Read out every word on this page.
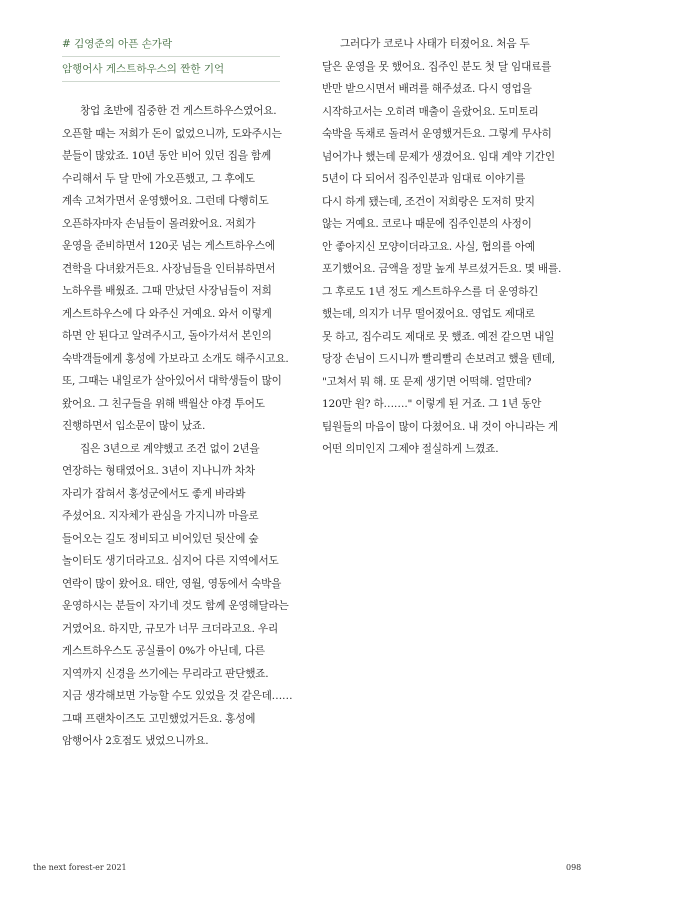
# 김영준의 아픈 손가락
암행어사 게스트하우스의 짠한 기억

창업 초반에 집중한 건 게스트하우스였어요.
오픈할 때는 저희가 돈이 없었으니까, 도와주시는
분들이 많았죠. 10년 동안 비어 있던 집을 함께
수리해서 두 달 만에 가오픈했고, 그 후에도
계속 고쳐가면서 운영했어요. 그런데 다행히도
오픈하자마자 손님들이 몰려왔어요. 저희가
운영을 준비하면서 120곳 넘는 게스트하우스에
견학을 다녀왔거든요. 사장님들을 인터뷰하면서
노하우를 배웠죠. 그때 만났던 사장님들이 저희
게스트하우스에 다 와주신 거예요. 와서 이렇게
하면 안 된다고 알려주시고, 돌아가셔서 본인의
숙박객들에게 홍성에 가보라고 소개도 해주시고요.
또, 그때는 내일로가 살아있어서 대학생들이 많이
왔어요. 그 친구들을 위해 백월산 야경 투어도
진행하면서 입소문이 많이 났죠.

집은 3년으로 계약했고 조건 없이 2년을
연장하는 형태였어요. 3년이 지나니까 차차
자리가 잡혀서 홍성군에서도 좋게 바라봐
주셨어요. 지자체가 관심을 가지니까 마을로
들어오는 길도 정비되고 비어있던 뒷산에 숲
놀이터도 생기더라고요. 심지어 다른 지역에서도
연락이 많이 왔어요. 태안, 영월, 영동에서 숙박을
운영하시는 분들이 자기네 것도 함께 운영해달라는
거였어요. 하지만, 규모가 너무 크더라고요. 우리
게스트하우스도 공실률이 0%가 아닌데, 다른
지역까지 신경을 쓰기에는 무리라고 판단했죠.
지금 생각해보면 가능할 수도 있었을 것 같은데……
그때 프랜차이즈도 고민했었거든요. 홍성에
암행어사 2호점도 냈었으니까요.

그러다가 코로나 사태가 터졌어요. 처음 두
달은 운영을 못 했어요. 집주인 분도 첫 달 임대료를
반만 받으시면서 배려를 해주셨죠. 다시 영업을
시작하고서는 오히려 매출이 올랐어요. 도미토리
숙박을 독채로 돌려서 운영했거든요. 그렇게 무사히
넘어가나 했는데 문제가 생겼어요. 임대 계약 기간인
5년이 다 되어서 집주인분과 임대료 이야기를
다시 하게 됐는데, 조건이 저희랑은 도저히 맞지
않는 거예요. 코로나 때문에 집주인분의 사정이
안 좋아지신 모양이더라고요. 사실, 협의를 아예
포기했어요. 금액을 정말 높게 부르셨거든요. 몇 배를.
그 후로도 1년 정도 게스트하우스를 더 운영하긴
했는데, 의지가 너무 떨어졌어요. 영업도 제대로
못 하고, 집수리도 제대로 못 했죠. 예전 같으면 내일
당장 손님이 드시니까 빨리빨리 손보려고 했을 텐데,
"고쳐서 뭐 해. 또 문제 생기면 어떡해. 얼만데?
120만 원? 하……." 이렇게 된 거죠. 그 1년 동안
팀원들의 마음이 많이 다쳤어요. 내 것이 아니라는 게
어떤 의미인지 그제야 절실하게 느꼈죠.

the next forest-er 2021	098
